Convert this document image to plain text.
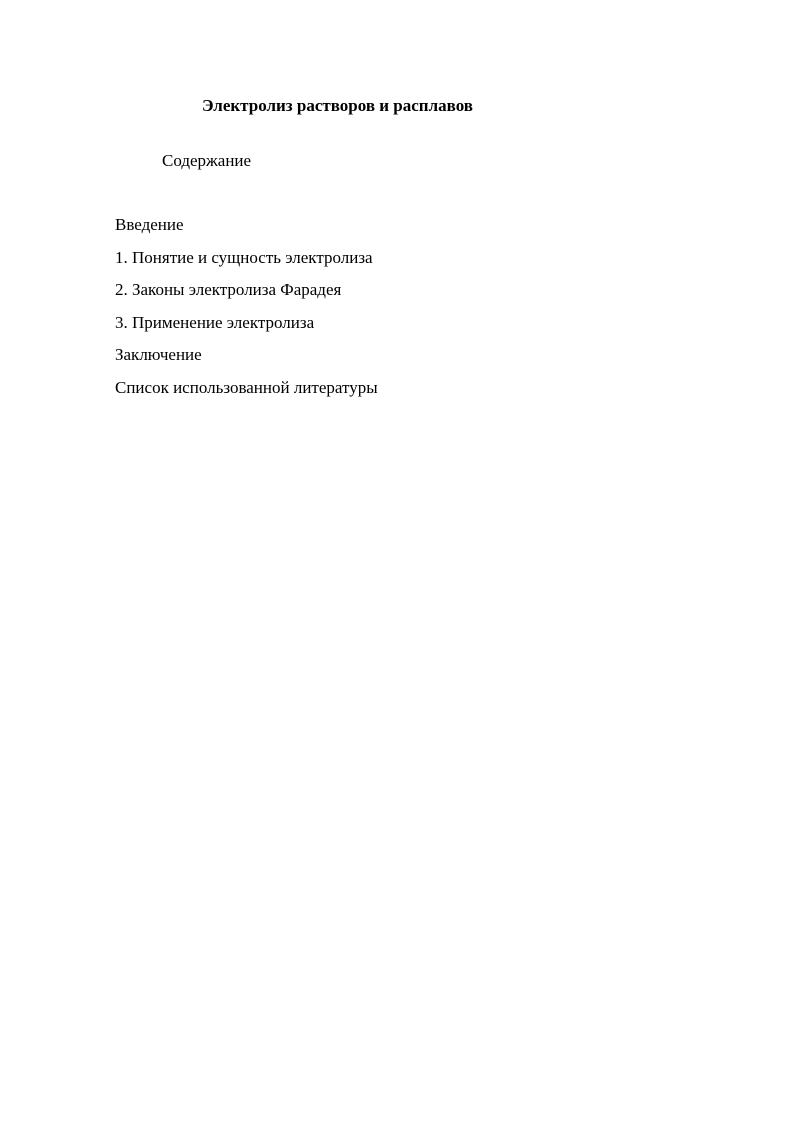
Электролиз растворов и расплавов
Содержание
Введение
1. Понятие и сущность электролиза
2. Законы электролиза Фарадея
3. Применение электролиза
Заключение
Список использованной литературы
